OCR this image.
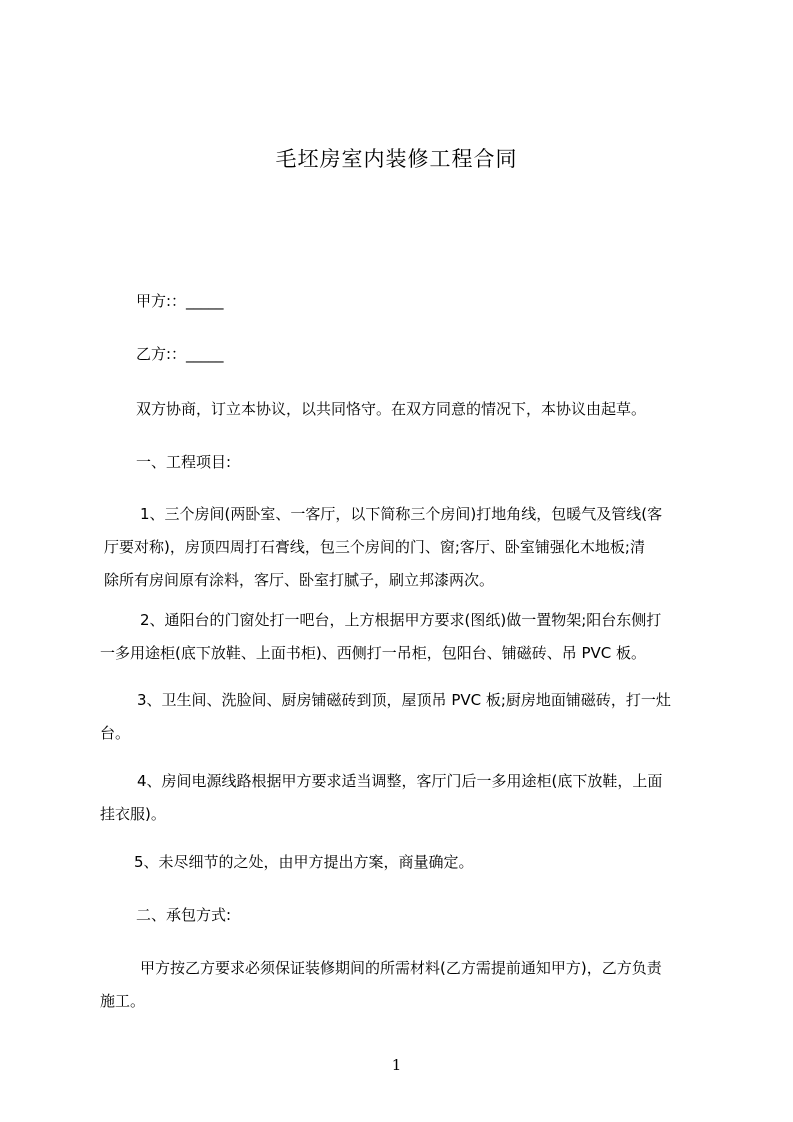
毛坯房室内装修工程合同
甲方:：_____
乙方:：_____
双方协商，订立本协议，以共同恪守。在双方同意的情况下，本协议由起草。
一、工程项目:
1、三个房间(两卧室、一客厅，以下简称三个房间)打地角线，包暖气及管线(客
厅要对称)，房顶四周打石膏线，包三个房间的门、窗;客厅、卧室铺强化木地板;清
除所有房间原有涂料，客厅、卧室打腻子，刷立邦漆两次。
2、通阳台的门窗处打一吧台，上方根据甲方要求(图纸)做一置物架;阳台东侧打
一多用途柜(底下放鞋、上面书柜)、西侧打一吊柜，包阳台、铺磁砖、吊 PVC 板。
3、卫生间、洗脸间、厨房铺磁砖到顶，屋顶吊 PVC 板;厨房地面铺磁砖，打一灶
台。
4、房间电源线路根据甲方要求适当调整，客厅门后一多用途柜(底下放鞋，上面
挂衣服)。
5、未尽细节的之处，由甲方提出方案，商量确定。
二、承包方式:
甲方按乙方要求必须保证装修期间的所需材料(乙方需提前通知甲方)，乙方负责
施工。
1
